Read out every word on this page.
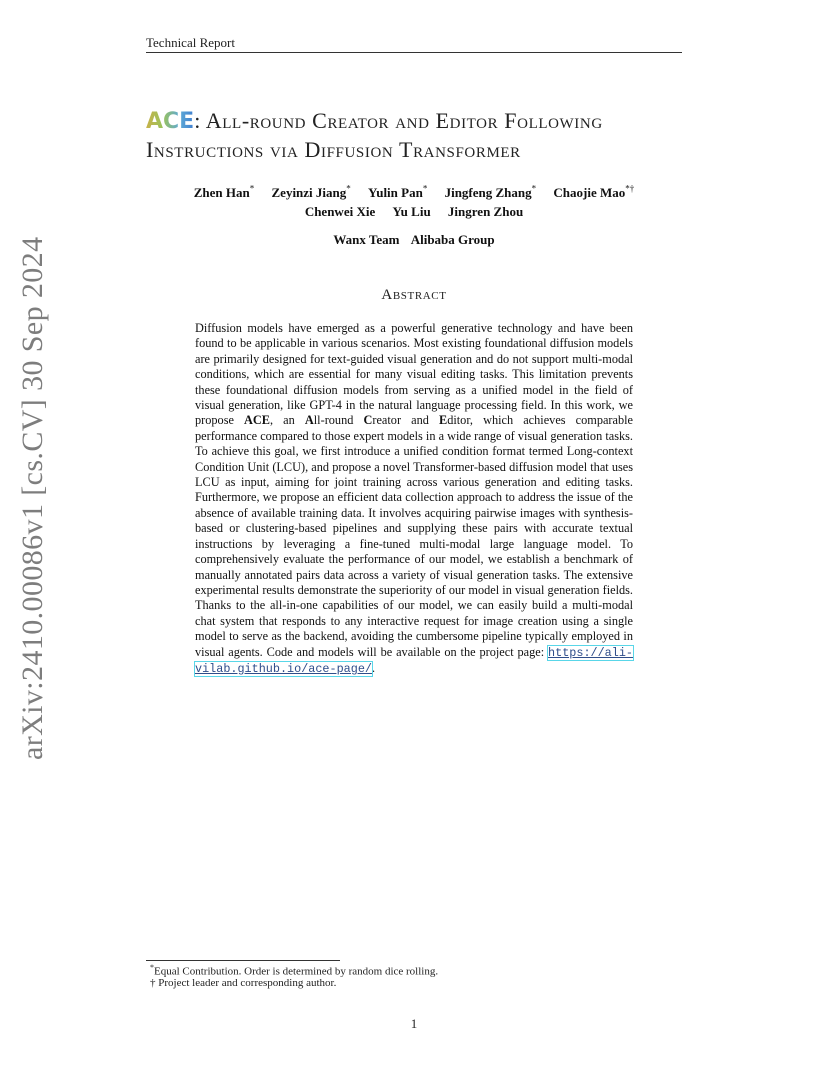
Technical Report
ACE: All-round Creator and Editor Following Instructions via Diffusion Transformer
Zhen Han* Zeyinzi Jiang* Yulin Pan* Jingfeng Zhang* Chaojie Mao*†
Chenwei Xie Yu Liu Jingren Zhou
Wanx Team Alibaba Group
Abstract
Diffusion models have emerged as a powerful generative technology and have been found to be applicable in various scenarios. Most existing foundational diffusion models are primarily designed for text-guided visual generation and do not support multi-modal conditions, which are essential for many visual editing tasks. This limitation prevents these foundational diffusion models from serving as a unified model in the field of visual generation, like GPT-4 in the natural language processing field. In this work, we propose ACE, an All-round Creator and Editor, which achieves comparable performance compared to those expert models in a wide range of visual generation tasks. To achieve this goal, we first introduce a unified condition format termed Long-context Condition Unit (LCU), and propose a novel Transformer-based diffusion model that uses LCU as input, aiming for joint training across various generation and editing tasks. Furthermore, we propose an efficient data collection approach to address the issue of the absence of available training data. It involves acquiring pairwise images with synthesis-based or clustering-based pipelines and supplying these pairs with accurate textual instructions by leveraging a fine-tuned multi-modal large language model. To comprehensively evaluate the performance of our model, we establish a benchmark of manually annotated pairs data across a variety of visual generation tasks. The extensive experimental results demonstrate the superiority of our model in visual generation fields. Thanks to the all-in-one capabilities of our model, we can easily build a multi-modal chat system that responds to any interactive request for image creation using a single model to serve as the backend, avoiding the cumbersome pipeline typically employed in visual agents. Code and models will be available on the project page: https://ali-vilab.github.io/ace-page/.
arXiv:2410.00086v1 [cs.CV] 30 Sep 2024
*Equal Contribution. Order is determined by random dice rolling.
† Project leader and corresponding author.
1
